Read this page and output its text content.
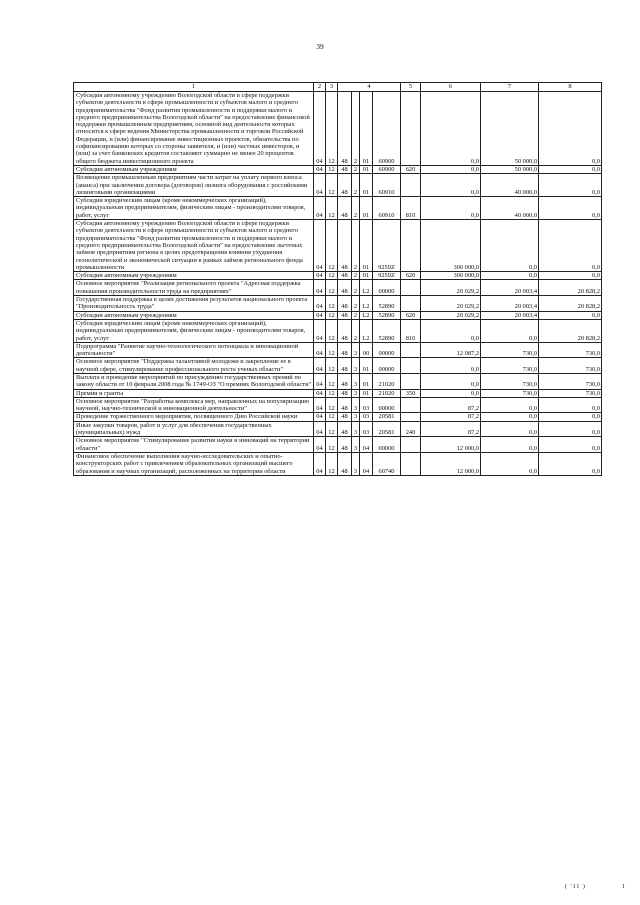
39
1	2	3	4				5	6	7	8
Субсидия автономному учреждению Вологодской области в сфере поддержки субъектов деятельности в сфере промышленности и субъектов малого и среднего предпринимательства "Фонд развития промышленности и поддержки малого и среднего предпринимательства Вологодской области" на предоставление финансовой поддержки промышленным предприятиям, основной вид деятельности которых относится к сфере ведения Министерства промышленности и торговли Российской Федерации, и (или) финансирование инвестиционных проектов, обязательства по софинансированию которых со стороны заявителя, и (или) частных инвесторов, и (или) за счет банковских кредитов составляют суммарно не менее 20 процентов общего бюджета инвестиционного проекта	04	12	48	2	01	60900		0,0	50 000,0	0,0
Субсидии автономным учреждениям	04	12	48	2	01	60900	620	0,0	50 000,0	0,0
Возмещение промышленным предприятиям части затрат на уплату первого взноса (аванса) при заключении договора (договоров) лизинга оборудования с российскими лизинговыми организациями	04	12	48	2	01	60910		0,0	40 000,0	0,0
Субсидии юридическим лицам (кроме некоммерческих организаций), индивидуальным предпринимателям, физическим лицам - производителям товаров, работ, услуг	04	12	48	2	01	60910	810	0,0	40 000,0	0,0
Субсидия автономному учреждению Вологодской области в сфере поддержки субъектов деятельности в сфере промышленности и субъектов малого и среднего предпринимательства "Фонд развития промышленности и поддержки малого и среднего предпринимательства Вологодской области" на предоставление льготных займов предприятиям региона в целях предотвращения влияния ухудшения геополитической и экономической ситуации в рамках займов регионального фонда промышленности	04	12	48	2	01	9259Z		300 000,0	0,0	0,0
Субсидии автономным учреждениям	04	12	48	2	01	9259Z	620	300 000,0	0,0	0,0
Основное мероприятие "Реализация регионального проекта "Адресная поддержка повышения производительности труда на предприятиях"	04	12	48	2	L2	00000		20 029,2	20 003,4	20 828,2
Государственная поддержка в целях достижения результатов национального проекта "Производительность труда"	04	12	48	2	L2	52890		20 029,2	20 003,4	20 828,2
Субсидии автономным учреждениям	04	12	48	2	L2	52890	620	20 029,2	20 003,4	0,0
Субсидии юридическим лицам (кроме некоммерческих организаций), индивидуальным предпринимателям, физическим лицам - производителям товаров, работ, услуг	04	12	48	2	L2	52890	810	0,0	0,0	20 828,2
Подпрограмма "Развитие научно-технологического потенциала и инновационной деятельности"	04	12	48	3	00	00000		12 087,2	730,0	730,0
Основное мероприятие "Поддержка талантливой молодежи и закрепление ее в научной сфере, стимулирование профессионального роста ученых области"	04	12	48	3	01	00000		0,0	730,0	730,0
Выплата и проведение мероприятий по присуждению государственных премий по закону области от 10 февраля 2008 года № 1749-ОЗ "О премиях Вологодской области"	04	12	48	3	01	21020		0,0	730,0	730,0
Премии и гранты	04	12	48	3	01	21020	350	0,0	730,0	730,0
Основное мероприятие "Разработка комплекса мер, направленных на популяризацию научной, научно-технической и инновационной деятельности"	04	12	48	3	03	00000		87,2	0,0	0,0
Проведение торжественного мероприятия, посвященного Дню Российской науки	04	12	48	3	03	20581		87,2	0,0	0,0
Иные закупки товаров, работ и услуг для обеспечения государственных (муниципальных) нужд	04	12	48	3	03	20581	240	87,2	0,0	0,0
Основное мероприятие "Стимулирование развития науки и инноваций на территории области"	04	12	48	3	04	00000		12 000,0	0,0	0,0
Финансовое обеспечение выполнения научно-исследовательских и опытно-конструкторских работ с привлечением образовательных организаций высшего образования и научных организаций, расположенных на территории области	04	12	48	3	04	60740		12 000,0	0,0	0,0
( '11 )	1
